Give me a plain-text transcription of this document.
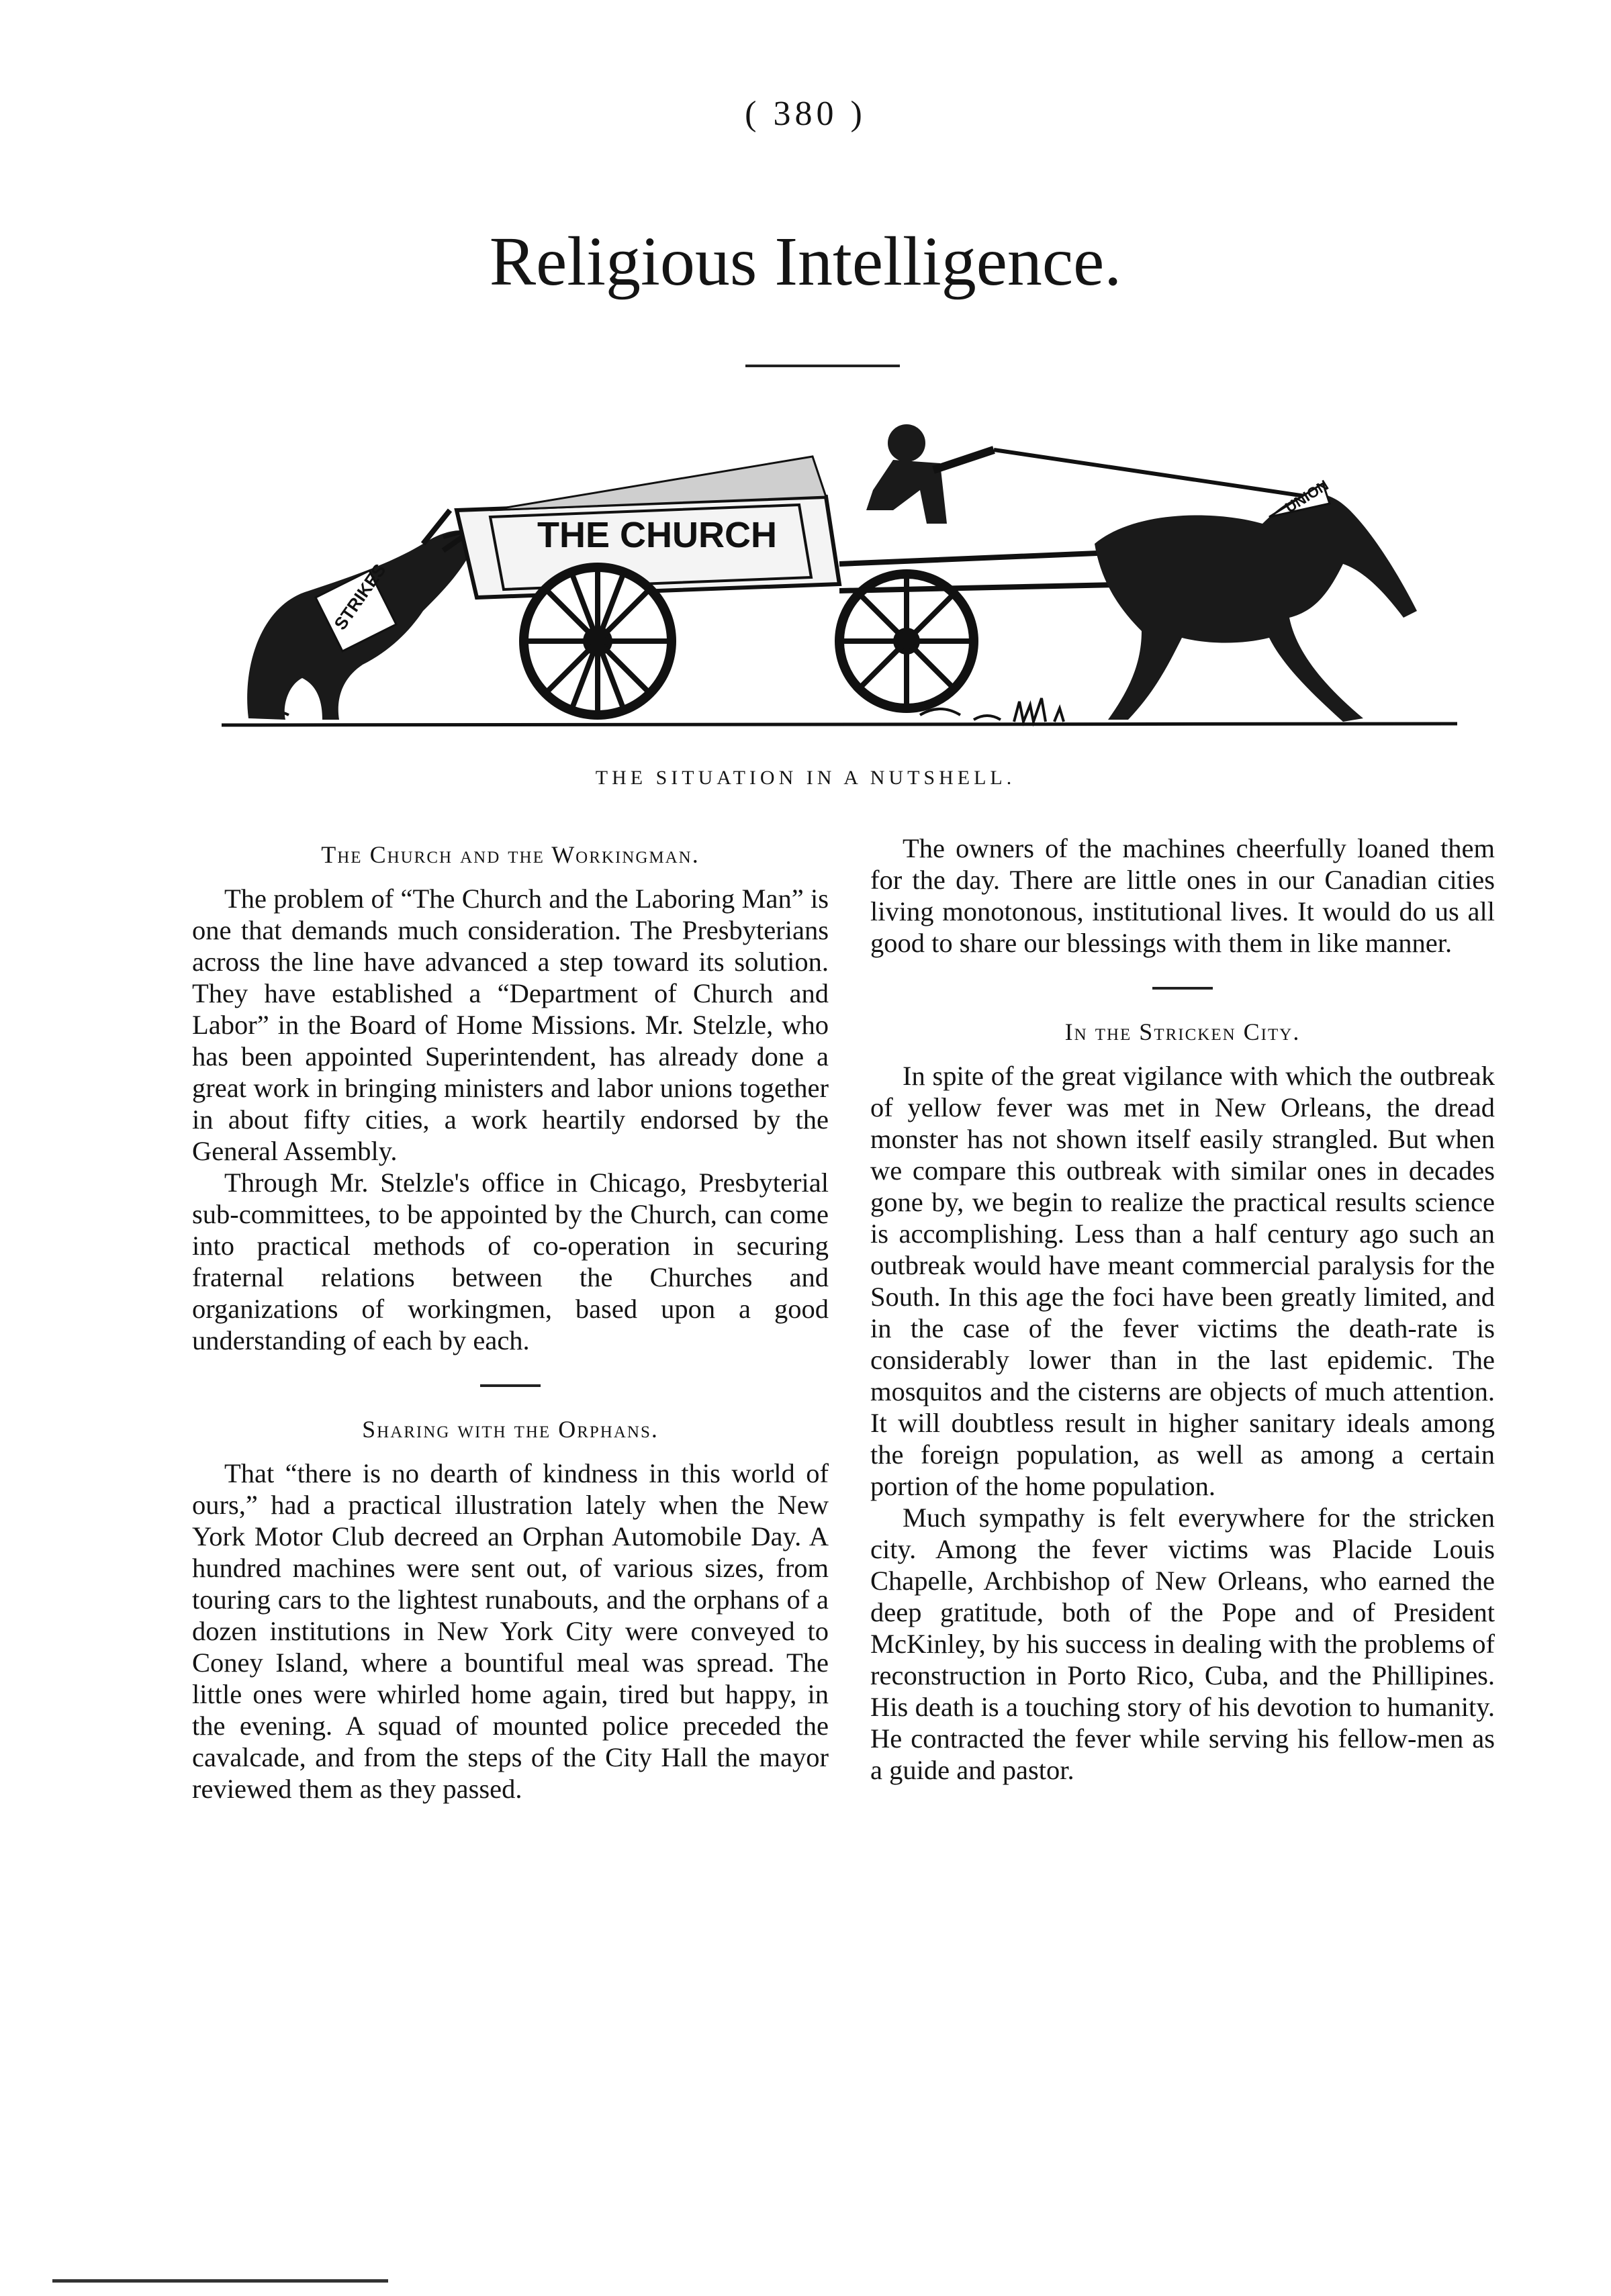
( 380 )
Religious Intelligence.
STRIKES
THE CHURCH
UNION
THE SITUATION IN A NUTSHELL.
The Church and the Workingman.

The problem of “The Church and the Laboring Man” is one that demands much consideration. The Presbyterians across the line have advanced a step toward its solution. They have established a “Department of Church and Labor” in the Board of Home Missions. Mr. Stelzle, who has been appointed Superintendent, has already done a great work in bringing ministers and labor unions together in about fifty cities, a work heartily endorsed by the General Assembly.

Through Mr. Stelzle's office in Chicago, Presbyterial sub-committees, to be appointed by the Church, can come into practical methods of co-operation in securing fraternal relations between the Churches and organizations of workingmen, based upon a good understanding of each by each.

Sharing with the Orphans.

That “there is no dearth of kindness in this world of ours,” had a practical illustration lately when the New York Motor Club decreed an Orphan Automobile Day. A hundred machines were sent out, of various sizes, from touring cars to the lightest runabouts, and the orphans of a dozen institutions in New York City were conveyed to Coney Island, where a bountiful meal was spread. The little ones were whirled home again, tired but happy, in the evening. A squad of mounted police preceded the cavalcade, and from the steps of the City Hall the mayor reviewed them as they passed.

The owners of the machines cheerfully loaned them for the day. There are little ones in our Canadian cities living monotonous, institutional lives. It would do us all good to share our blessings with them in like manner.

In the Stricken City.

In spite of the great vigilance with which the outbreak of yellow fever was met in New Orleans, the dread monster has not shown itself easily strangled. But when we compare this outbreak with similar ones in decades gone by, we begin to realize the practical results science is accomplishing. Less than a half century ago such an outbreak would have meant commercial paralysis for the South. In this age the foci have been greatly limited, and in the case of the fever victims the death-rate is considerably lower than in the last epidemic. The mosquitos and the cisterns are objects of much attention. It will doubtless result in higher sanitary ideals among the foreign population, as well as among a certain portion of the home population.

Much sympathy is felt everywhere for the stricken city. Among the fever victims was Placide Louis Chapelle, Archbishop of New Orleans, who earned the deep gratitude, both of the Pope and of President McKinley, by his success in dealing with the problems of reconstruction in Porto Rico, Cuba, and the Phillipines. His death is a touching story of his devotion to humanity. He contracted the fever while serving his fellow-men as a guide and pastor.
